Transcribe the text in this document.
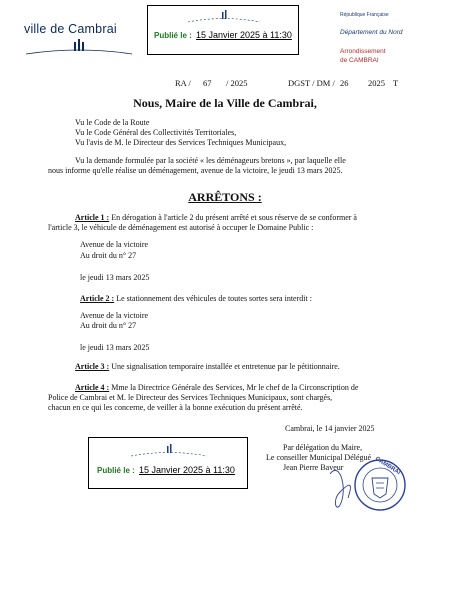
ville de Cambrai	Publié le : 15 Janvier 2025 à 11:30
République Française
Département du Nord
Arrondissement
de CAMBRAI
RA / 67 / 2025	DGST / DM / 26 2025 T
Nous, Maire de la Ville de Cambrai,
Vu le Code de la Route
Vu le Code Général des Collectivités Territoriales,
Vu l'avis de M. le Directeur des Services Techniques Municipaux,
Vu la demande formulée par la société « les déménageurs bretons », par laquelle elle
nous informe qu'elle réalise un déménagement, avenue de la victoire, le jeudi 13 mars 2025.
ARRÊTONS :
Article 1 : En dérogation à l'article 2 du présent arrêté et sous réserve de se conformer à
l'article 3, le véhicule de déménagement est autorisé à occuper le Domaine Public :
Avenue de la victoire
Au droit du n° 27
le jeudi 13 mars 2025
Article 2 : Le stationnement des véhicules de toutes sortes sera interdit :
Avenue de la victoire
Au droit du n° 27
le jeudi 13 mars 2025
Article 3 : Une signalisation temporaire installée et entretenue par le pétitionnaire.
Article 4 : Mme la Directrice Générale des Services, Mr le chef de la Circonscription de
Police de Cambrai et M. le Directeur des Services Techniques Municipaux, sont chargés,
chacun en ce qui les concerne, de veiller à la bonne exécution du présent arrêté.
Cambrai, le 14 janvier 2025
Par délégation du Maire,
Le conseiller Municipal Délégué
Jean Pierre Baveur	CAMBRAI
Publié le : 15 Janvier 2025 à 11:30
